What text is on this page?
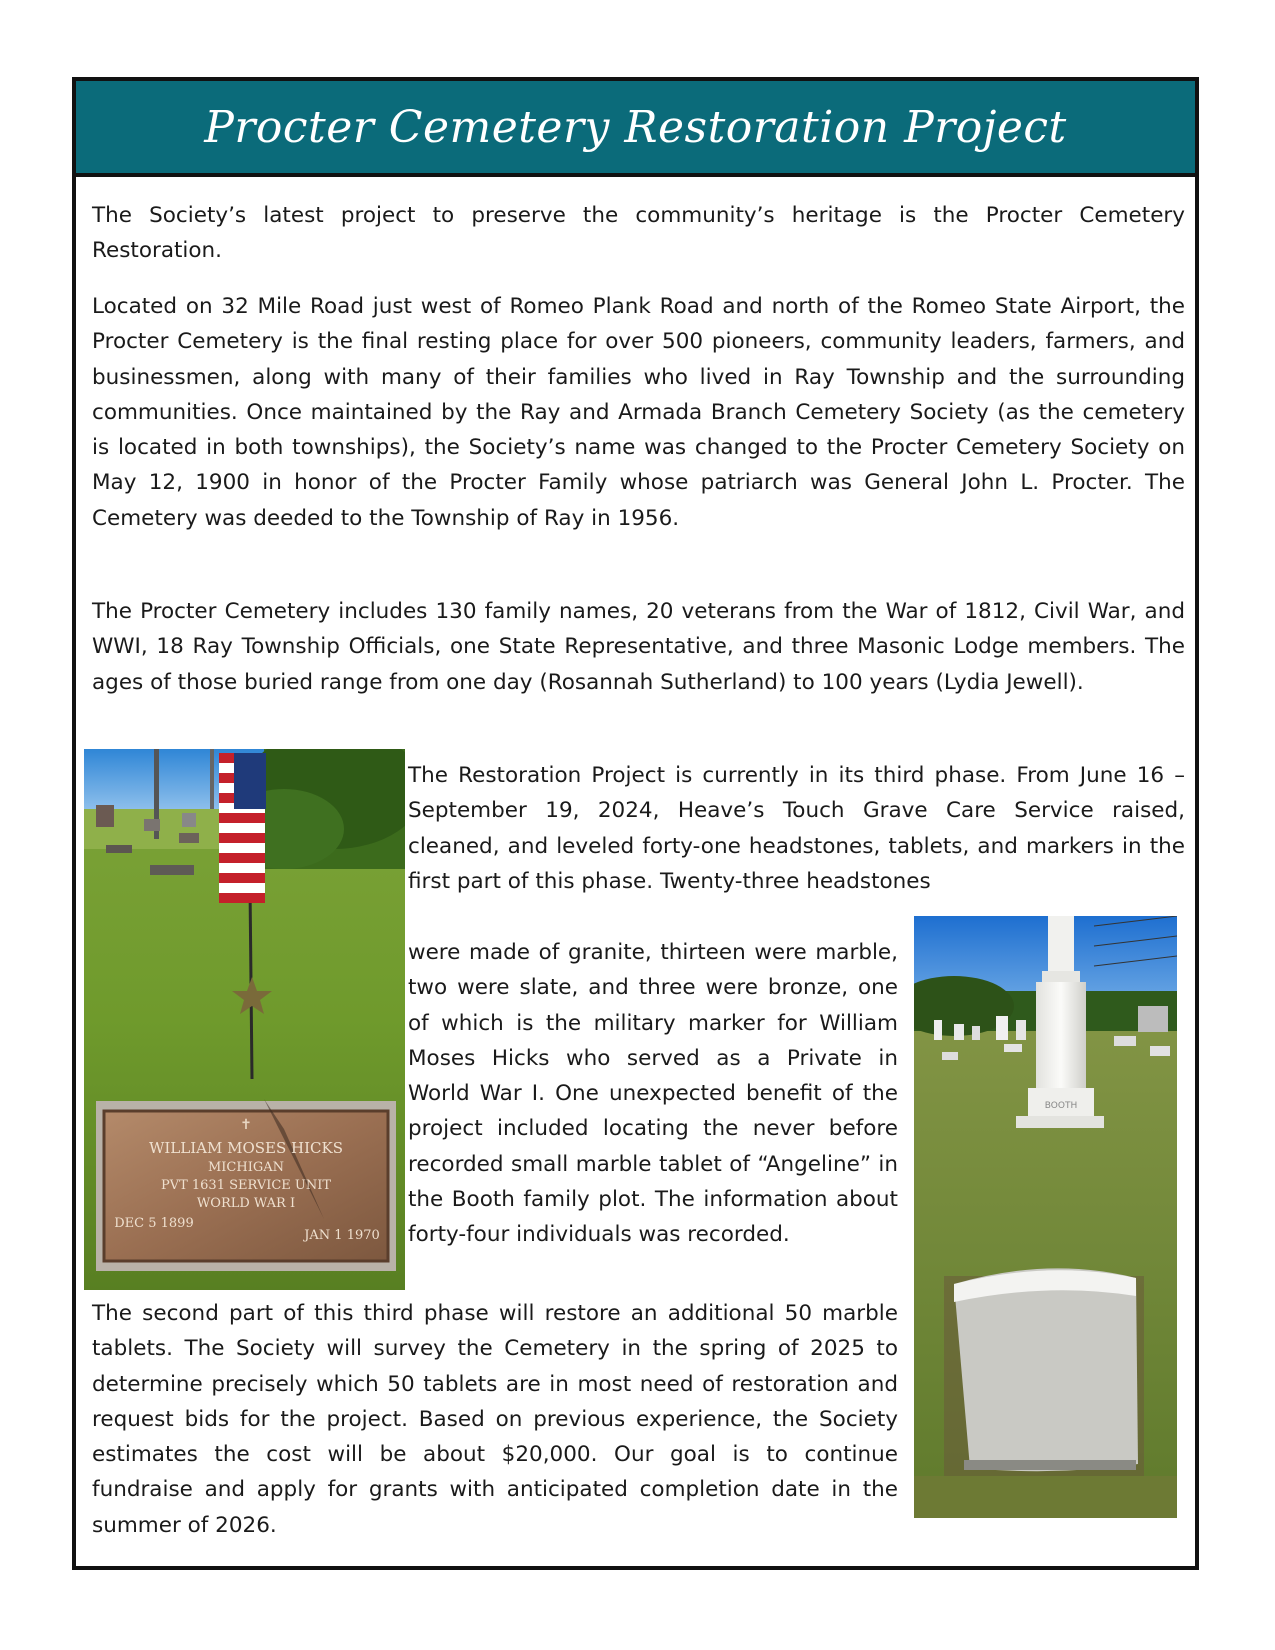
Procter Cemetery Restoration Project

The Society’s latest project to preserve the community’s heritage is the Procter Cemetery Restoration.

Located on 32 Mile Road just west of Romeo Plank Road and north of the Romeo State Airport, the Procter Cemetery is the final resting place for over 500 pioneers, community leaders, farmers, and businessmen, along with many of their families who lived in Ray Township and the surrounding communities. Once maintained by the Ray and Armada Branch Cemetery Society (as the cemetery is located in both townships), the Society’s name was changed to the Procter Cemetery Society on May 12, 1900 in honor of the Procter Family whose patriarch was General John L. Procter. The Cemetery was deeded to the Township of Ray in 1956.

The Procter Cemetery includes 130 family names, 20 veterans from the War of 1812, Civil War, and WWI, 18 Ray Township Officials, one State Representative, and three Masonic Lodge members. The ages of those buried range from one day (Rosannah Sutherland) to 100 years (Lydia Jewell).

The Restoration Project is currently in its third phase. From June 16 – September 19, 2024, Heave’s Touch Grave Care Service raised, cleaned, and leveled forty-one headstones, tablets, and markers in the first part of this phase. Twenty-three headstones

were made of granite, thirteen were marble, two were slate, and three were bronze, one of which is the military marker for William Moses Hicks who served as a Private in World War I. One unexpected benefit of the project included locating the never before recorded small marble tablet of “Angeline” in the Booth family plot. The information about forty-four individuals was recorded.

The second part of this third phase will restore an additional 50 marble tablets. The Society will survey the Cemetery in the spring of 2025 to determine precisely which 50 tablets are in most need of restoration and request bids for the project. Based on previous experience, the Society estimates the cost will be about $20,000. Our goal is to continue fundraise and apply for grants with anticipated completion date in the summer of 2026.

✝
WILLIAM MOSES HICKS
MICHIGAN
PVT 1631 SERVICE UNIT
WORLD WAR I
DEC 5 1899
JAN 1 1970
BOOTH
